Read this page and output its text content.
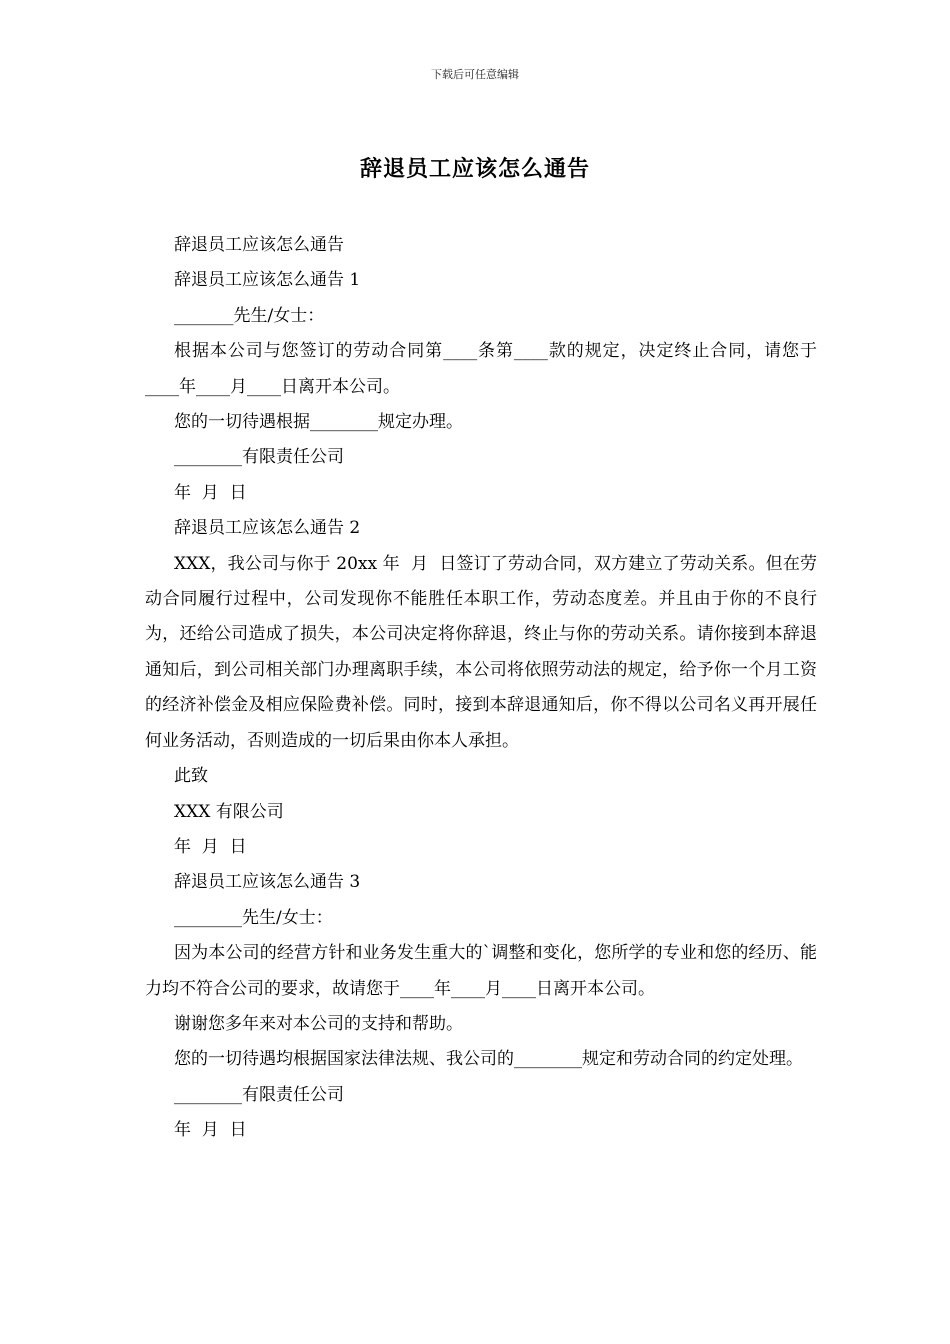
下载后可任意编辑
辞退员工应该怎么通告

辞退员工应该怎么通告

辞退员工应该怎么通告 1

_______先生/女士：

根据本公司与您签订的劳动合同第____条第____款的规定，决定终止合同，请您于____年____月____日离开本公司。

您的一切待遇根据________规定办理。

________有限责任公司

年  月  日

辞退员工应该怎么通告 2

XXX，我公司与你于 20xx 年  月  日签订了劳动合同，双方建立了劳动关系。但在劳动合同履行过程中，公司发现你不能胜任本职工作，劳动态度差。并且由于你的不良行为，还给公司造成了损失，本公司决定将你辞退，终止与你的劳动关系。请你接到本辞退通知后，到公司相关部门办理离职手续，本公司将依照劳动法的规定，给予你一个月工资的经济补偿金及相应保险费补偿。同时，接到本辞退通知后，你不得以公司名义再开展任何业务活动，否则造成的一切后果由你本人承担。

此致

XXX 有限公司

年  月  日

辞退员工应该怎么通告 3

________先生/女士：

因为本公司的经营方针和业务发生重大的`调整和变化，您所学的专业和您的经历、能力均不符合公司的要求，故请您于____年____月____日离开本公司。

谢谢您多年来对本公司的支持和帮助。

您的一切待遇均根据国家法律法规、我公司的________规定和劳动合同的约定处理。

________有限责任公司

年  月  日
